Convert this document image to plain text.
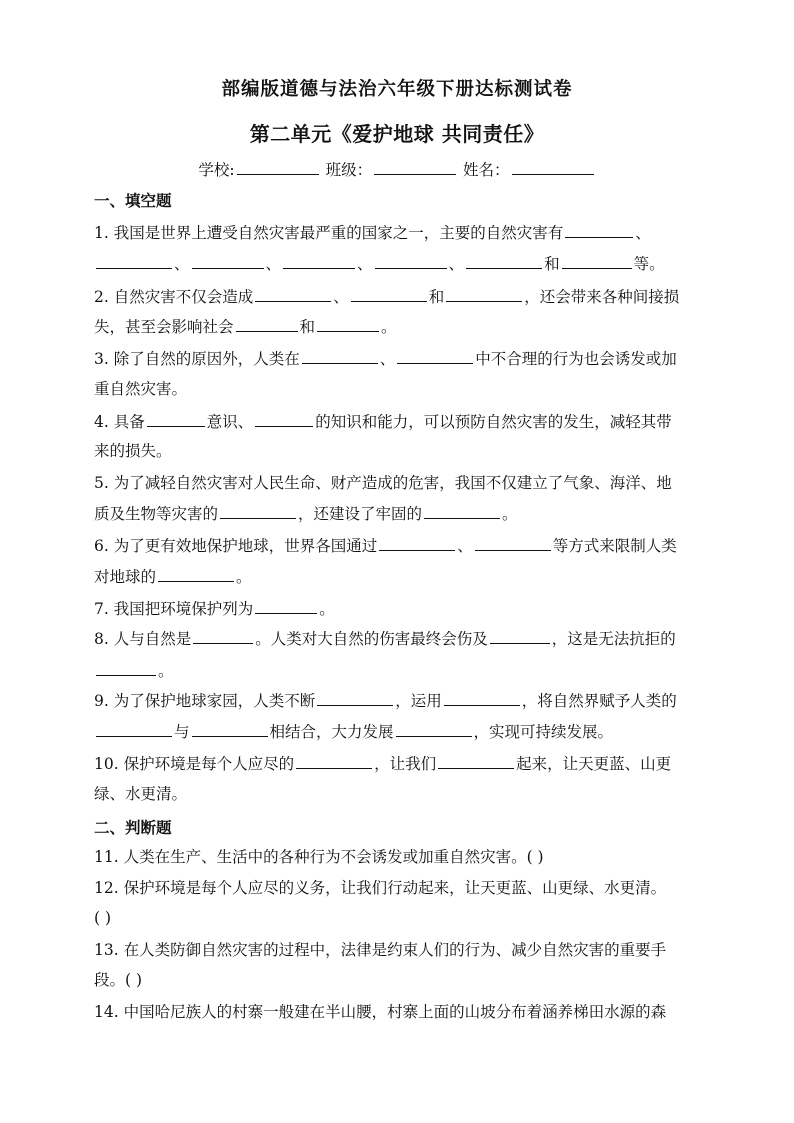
部编版道德与法治六年级下册达标测试卷
第二单元《爱护地球 共同责任》
学校:	班级：	姓名：
一、填空题
1. 我国是世界上遭受自然灾害最严重的国家之一，主要的自然灾害有	、
、	、	、	、	和	等。
2. 自然灾害不仅会造成	、	和	，还会带来各种间接损
失，甚至会影响社会	和	。
3. 除了自然的原因外，人类在	、	中不合理的行为也会诱发或加
重自然灾害。
4. 具备	意识、	的知识和能力，可以预防自然灾害的发生，减轻其带
来的损失。
5. 为了减轻自然灾害对人民生命、财产造成的危害，我国不仅建立了气象、海洋、地
质及生物等灾害的	，还建设了牢固的	。
6. 为了更有效地保护地球，世界各国通过	、	等方式来限制人类
对地球的	。
7. 我国把环境保护列为	。
8. 人与自然是	。人类对大自然的伤害最终会伤及	，这是无法抗拒的
。
9. 为了保护地球家园，人类不断	，运用	，将自然界赋予人类的
与	相结合，大力发展	，实现可持续发展。
10. 保护环境是每个人应尽的	，让我们	起来，让天更蓝、山更
绿、水更清。
二、判断题
11. 人类在生产、生活中的各种行为不会诱发或加重自然灾害。( )
12. 保护环境是每个人应尽的义务，让我们行动起来，让天更蓝、山更绿、水更清。
( )
13. 在人类防御自然灾害的过程中，法律是约束人们的行为、减少自然灾害的重要手
段。( )
14. 中国哈尼族人的村寨一般建在半山腰，村寨上面的山坡分布着涵养梯田水源的森
